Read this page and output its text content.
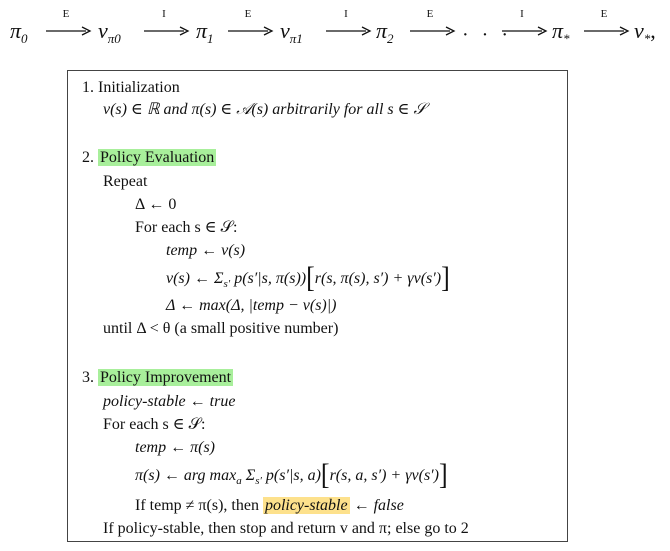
$\pi_0$
E
$v_{\pi 0}$
I
$\pi_1$
E
$v_{\pi 1}$
I
$\pi_2$
E
· · ·
I
$\pi_*$
E
$v_*$,
1. Initialization
v(s) ∈ ℝ and π(s) ∈ 𝒜(s) arbitrarily for all s ∈ 𝒮
2. Policy Evaluation
Repeat
Δ ← 0
For each s ∈ 𝒮:
temp ← v(s)
v(s) ← $\Sigma_{s'}$ p(s′|s, π(s))[r(s, π(s), s′) + γv(s′)]
Δ ← max(Δ, |temp − v(s)|)
until Δ < θ (a small positive number)
3. Policy Improvement
policy-stable ← true
For each s ∈ 𝒮:
temp ← π(s)
π(s) ← arg $\max_a \Sigma_{s'}$ p(s′|s, a)[r(s, a, s′) + γv(s′)]
If temp ≠ π(s), then policy-stable ← false
If policy-stable, then stop and return v and π; else go to 2
